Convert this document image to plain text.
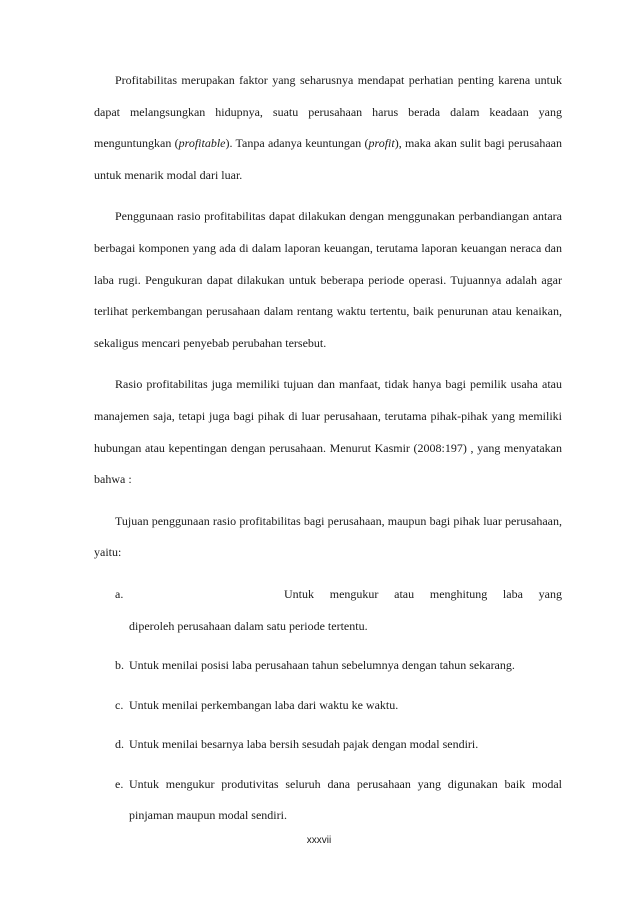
Profitabilitas merupakan faktor yang seharusnya mendapat perhatian penting karena untuk dapat melangsungkan hidupnya, suatu perusahaan harus berada dalam keadaan yang menguntungkan (profitable). Tanpa adanya keuntungan (profit), maka akan sulit bagi perusahaan untuk menarik modal dari luar.

Penggunaan rasio profitabilitas dapat dilakukan dengan menggunakan perbandiangan antara berbagai komponen yang ada di dalam laporan keuangan, terutama laporan keuangan neraca dan laba rugi. Pengukuran dapat dilakukan untuk beberapa periode operasi. Tujuannya adalah agar terlihat perkembangan perusahaan dalam rentang waktu tertentu, baik penurunan atau kenaikan, sekaligus mencari penyebab perubahan tersebut.

Rasio profitabilitas juga memiliki tujuan dan manfaat, tidak hanya bagi pemilik usaha atau manajemen saja, tetapi juga bagi pihak di luar perusahaan, terutama pihak-pihak yang memiliki hubungan atau kepentingan dengan perusahaan. Menurut Kasmir (2008:197) , yang menyatakan bahwa :

Tujuan penggunaan rasio profitabilitas bagi perusahaan, maupun bagi pihak luar perusahaan, yaitu:

a.	Untuk mengukur atau menghitung laba yang
diperoleh perusahaan dalam satu periode tertentu.
b. Untuk menilai posisi laba perusahaan tahun sebelumnya dengan tahun sekarang.
c. Untuk menilai perkembangan laba dari waktu ke waktu.
d. Untuk menilai besarnya laba bersih sesudah pajak dengan modal sendiri.
e. Untuk mengukur produtivitas seluruh dana perusahaan yang digunakan baik modal pinjaman maupun modal sendiri.
xxxvii
